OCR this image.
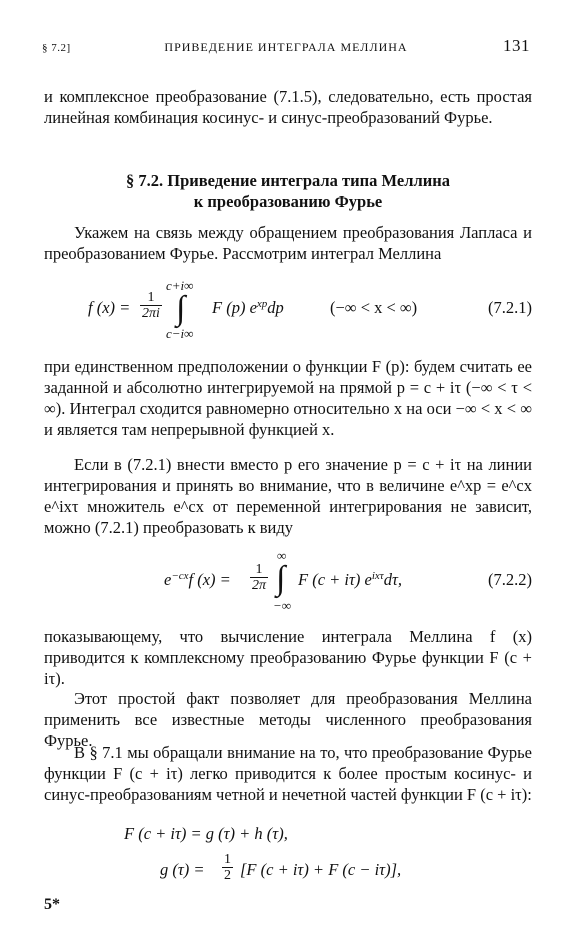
§ 7.2]	ПРИВЕДЕНИЕ ИНТЕГРАЛА МЕЛЛИНА	131
и комплексное преобразование (7.1.5), следовательно, есть простая линейная комбинация косинус- и синус-преобразований Фурье.
§ 7.2. Приведение интеграла типа Меллина
к преобразованию Фурье
Укажем на связь между обращением преобразования Лапласа и преобразованием Фурье. Рассмотрим интеграл Меллина
f $(x) = \frac{1}{2\pi i}$
c+i∞
∫
c−i∞
F (p) $e^{xp}dp$	(−∞ < x < ∞)	(7.2.1)
при единственном предположении о функции F (p): будем считать ее заданной и абсолютно интегрируемой на прямой p = c + iτ (−∞ < τ < ∞). Интеграл сходится равномерно относительно x на оси −∞ < x < ∞ и является там непрерывной функцией x.
Если в (7.2.1) внести вместо p его значение p = c + iτ на линии интегрирования и принять во внимание, что в величине e^xp = e^cx e^ixτ множитель e^cx от переменной интегрирования не зависит, можно (7.2.1) преобразовать к виду
$e^{-cx}f$ $(x) = \frac{1}{2\pi}$
∞
∫
−∞
F (c + iτ) $e^{ix\tau}d\tau$,	(7.2.2)
показывающему, что вычисление интеграла Меллина f (x) приводится к комплексному преобразованию Фурье функции F (c + iτ).
Этот простой факт позволяет для преобразования Меллина применить все известные методы численного преобразования Фурье.
В § 7.1 мы обращали внимание на то, что преобразование Фурье функции F (c + iτ) легко приводится к более простым косинус- и синус-преобразованиям четной и нечетной частей функции F (c + iτ):
F (c + iτ) = g (τ) + h (τ),
g $(\tau) = \frac{1}{2} [F$ (c + iτ) + F (c − iτ)],
5*
